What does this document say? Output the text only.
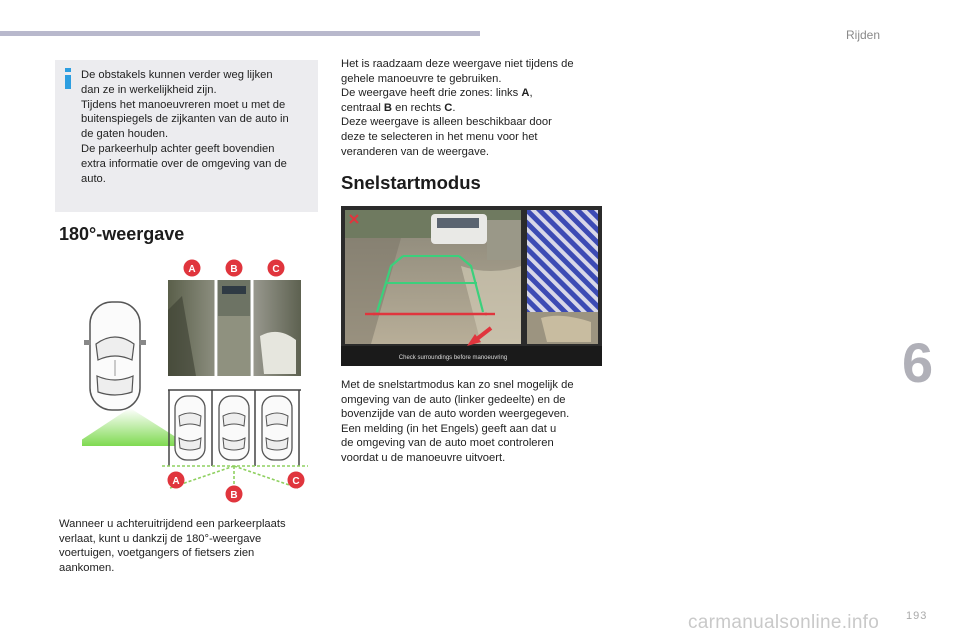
Rijden
6
193
De obstakels kunnen verder weg lijken
dan ze in werkelijkheid zijn.
Tijdens het manoeuvreren moet u met de
buitenspiegels de zijkanten van de auto in
de gaten houden.
De parkeerhulp achter geeft bovendien
extra informatie over de omgeving van de
auto.
180°-weergave
A	B	C
A
B
C
Wanneer u achteruitrijdend een parkeerplaats
verlaat, kunt u dankzij de 180°-weergave
voertuigen, voetgangers of fietsers zien
aankomen.
Het is raadzaam deze weergave niet tijdens de
gehele manoeuvre te gebruiken.
De weergave heeft drie zones: links A,
centraal B en rechts C.
Deze weergave is alleen beschikbaar door
deze te selecteren in het menu voor het
veranderen van de weergave.
Snelstartmodus
Check surroundings before manoeuvring
Met de snelstartmodus kan zo snel mogelijk de
omgeving van de auto (linker gedeelte) en de
bovenzijde van de auto worden weergegeven.
Een melding (in het Engels) geeft aan dat u
de omgeving van de auto moet controleren
voordat u de manoeuvre uitvoert.
carmanualsonline.info
